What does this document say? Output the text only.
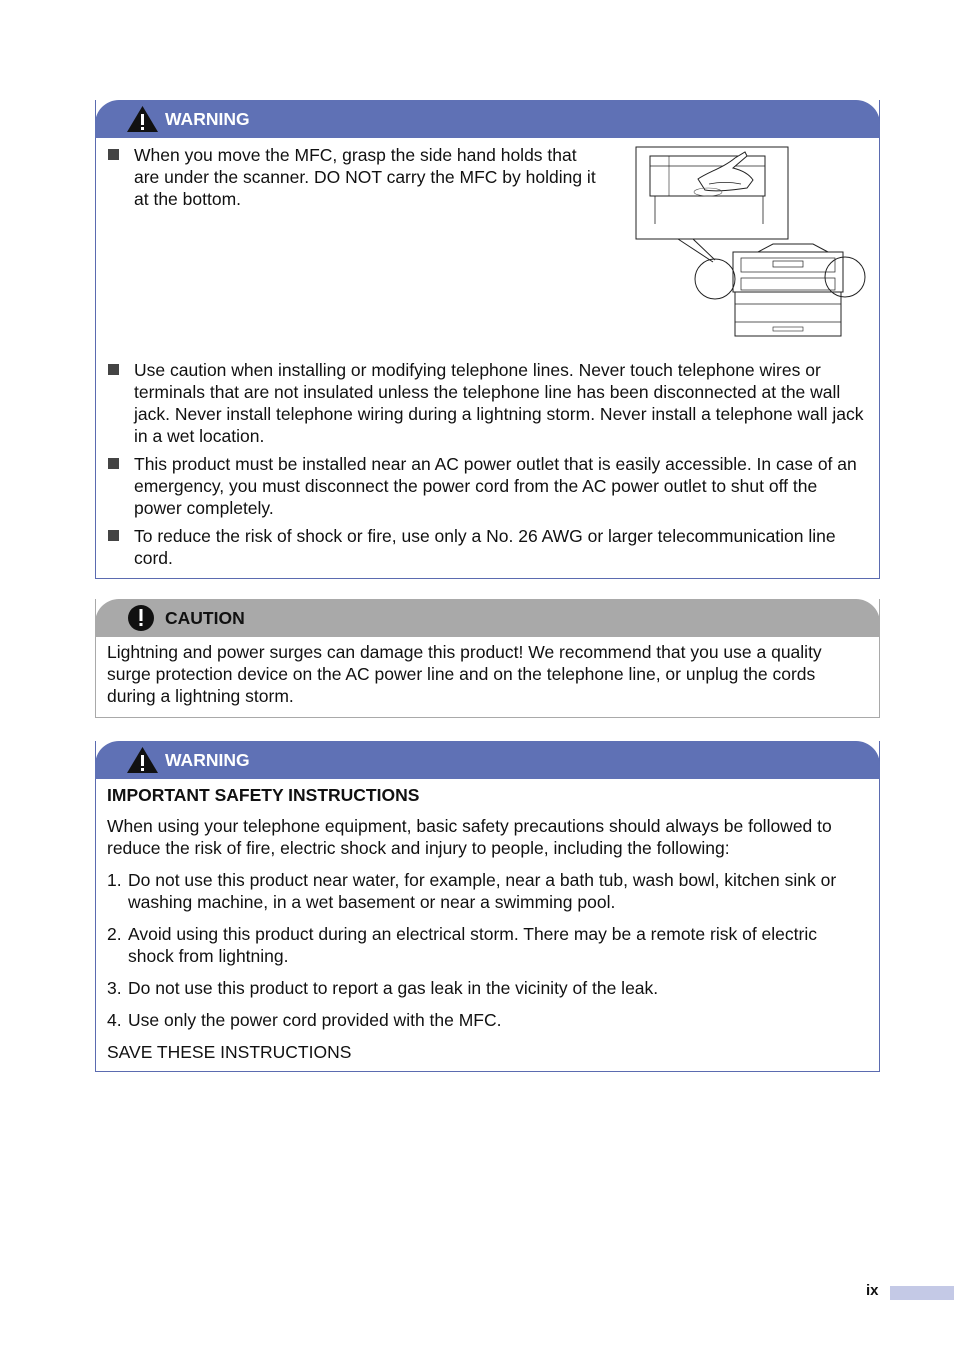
WARNING
When you move the MFC, grasp the side hand holds that are under the scanner. DO NOT carry the MFC by holding it at the bottom.
Use caution when installing or modifying telephone lines. Never touch telephone wires or terminals that are not insulated unless the telephone line has been disconnected at the wall jack. Never install telephone wiring during a lightning storm. Never install a telephone wall jack in a wet location.
This product must be installed near an AC power outlet that is easily accessible. In case of an emergency, you must disconnect the power cord from the AC power outlet to shut off the power completely.
To reduce the risk of shock or fire, use only a No. 26 AWG or larger telecommunication line cord.
CAUTION

Lightning and power surges can damage this product! We recommend that you use a quality surge protection device on the AC power line and on the telephone line, or unplug the cords during a lightning storm.

WARNING

IMPORTANT SAFETY INSTRUCTIONS

When using your telephone equipment, basic safety precautions should always be followed to reduce the risk of fire, electric shock and injury to people, including the following:

1. Do not use this product near water, for example, near a bath tub, wash bowl, kitchen sink or washing machine, in a wet basement or near a swimming pool.
2. Avoid using this product during an electrical storm. There may be a remote risk of electric shock from lightning.
3. Do not use this product to report a gas leak in the vicinity of the leak.
4. Use only the power cord provided with the MFC.

SAVE THESE INSTRUCTIONS

ix
